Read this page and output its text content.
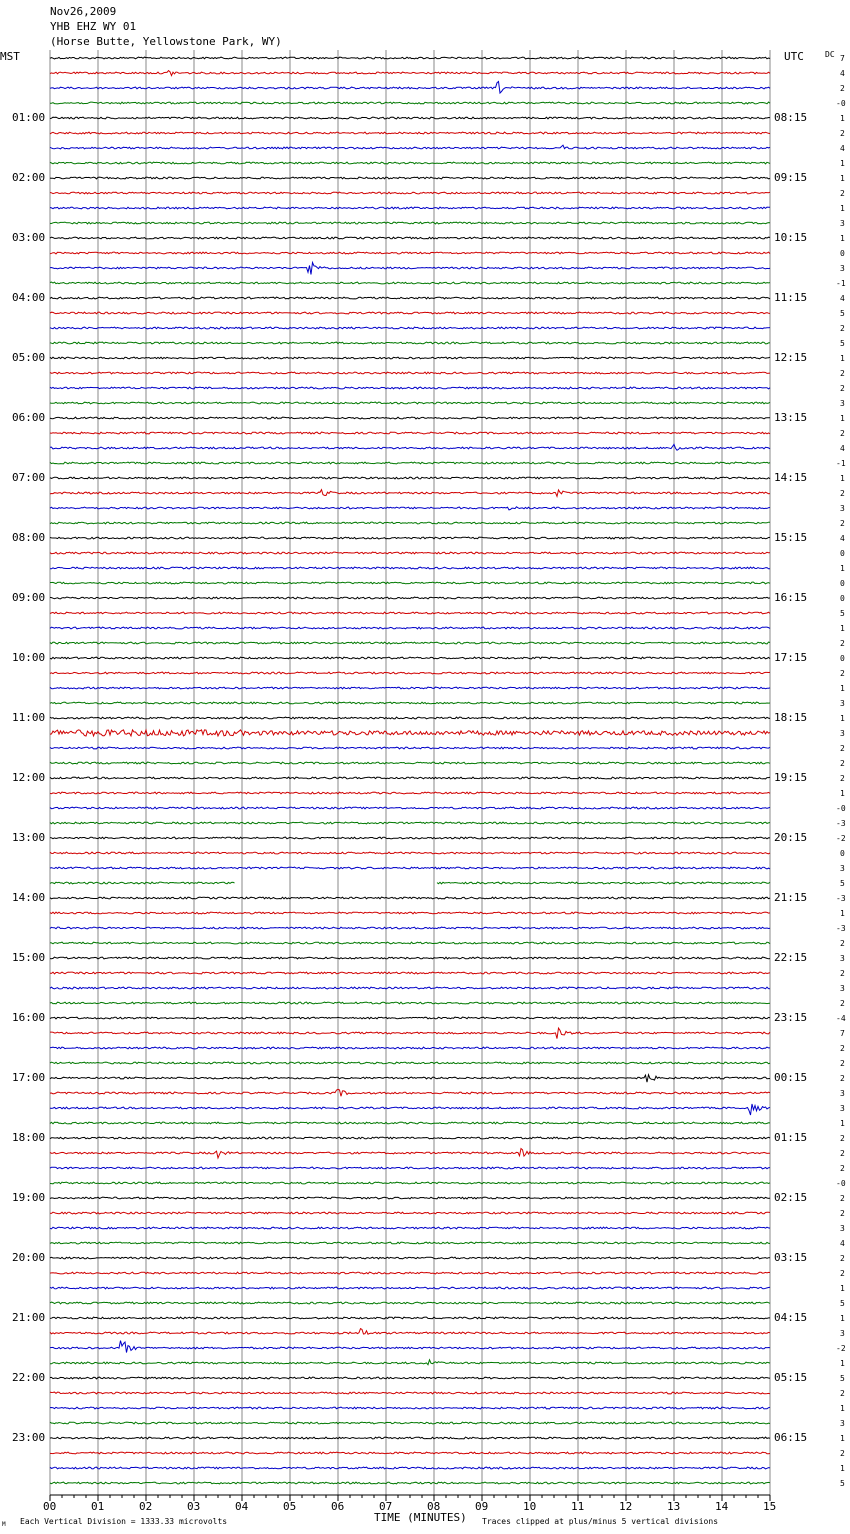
Nov26,2009
YHB EHZ WY 01
(Horse Butte, Yellowstone Park, WY)
MST	UTC	DC
01:00
02:00
03:00
04:00
05:00
06:00
07:00
08:00
09:00
10:00
11:00
12:00
13:00
14:00
15:00
16:00
17:00
18:00
19:00
20:00
21:00
22:00
23:00
08:15
09:15
10:15
11:15
12:15
13:15
14:15
15:15
16:15
17:15
18:15
19:15
20:15
21:15
22:15
23:15
00:15
01:15
02:15
03:15
04:15
05:15
06:15
7
4
2
-0
1
2
4
1
1
2
1
3
1
0
3
-1
4
5
2
5
1
2
2
3
1
2
4
-1
1
2
3
2
4
0
1
0
0
5
1
2
0
2
1
3
1
3
2
2
2
1
-0
-3
-2
0
3
5
-3
1
-3
2
3
2
3
2
-4
7
2
2
2
3
3
1
2
2
2
-0
2
2
3
4
2
2
1
5
1
3
-2
1
5
2
1
3
1
2
1
5
00	01	02	03	04	05	06	07	08	09	10	11	12	13	14	15
M Each Vertical Division = 1333.33 microvolts	TIME (MINUTES) Traces clipped at plus/minus 5 vertical divisions
